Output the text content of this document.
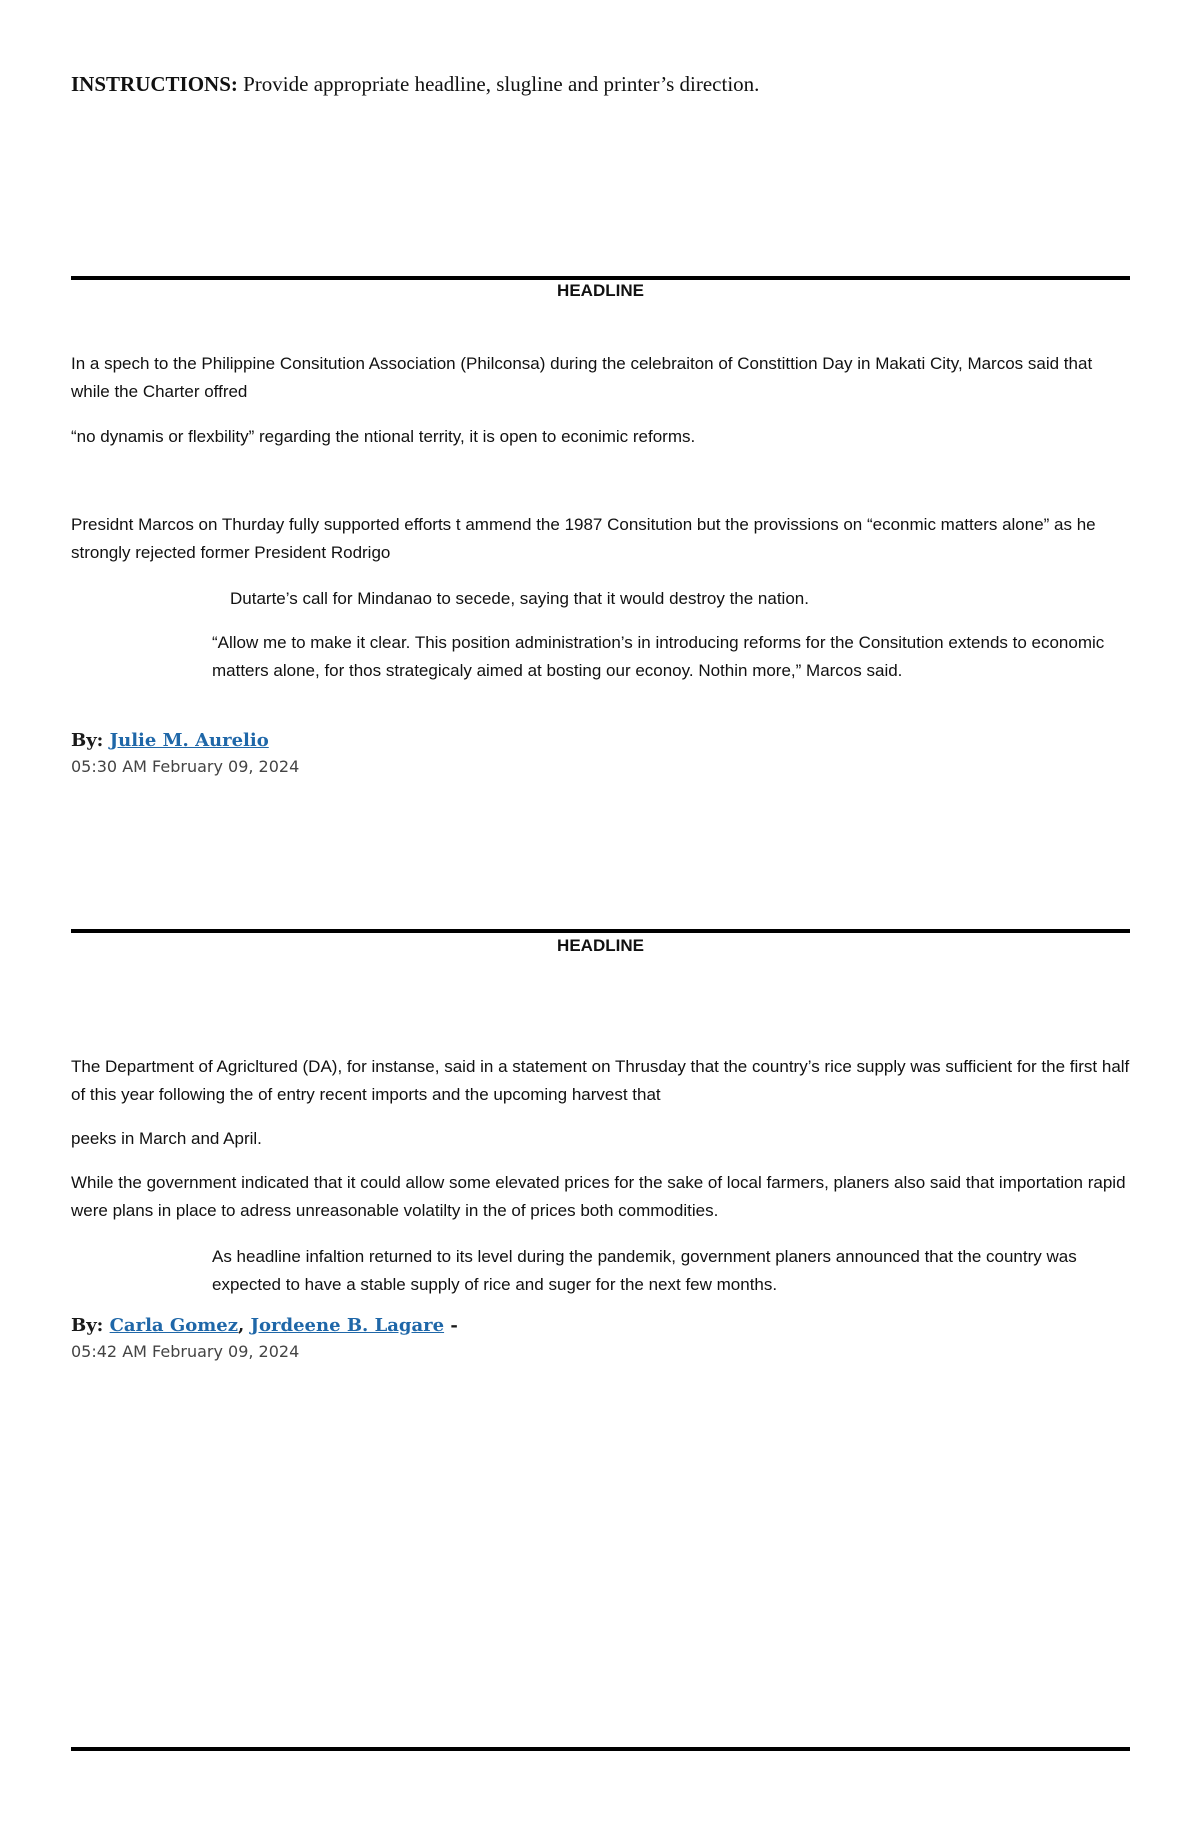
INSTRUCTIONS: Provide appropriate headline, slugline and printer’s direction.
HEADLINE

In a spech to the Philippine Consitution Association (Philconsa) during the celebraiton of Constittion Day in Makati City, Marcos said that while the Charter offred

“no dynamis or flexbility” regarding the ntional territy, it is open to econimic reforms.

Presidnt Marcos on Thurday fully supported efforts t ammend the 1987 Consitution but the provissions on “econmic matters alone” as he strongly rejected former President Rodrigo

Dutarte’s call for Mindanao to secede, saying that it would destroy the nation.

“Allow me to make it clear. This position administration’s in introducing reforms for the Consitution extends to economic matters alone, for thos strategicaly aimed at bosting our econoy. Nothin more,” Marcos said.

By: Julie M. Aurelio
05:30 AM February 09, 2024
HEADLINE

The Department of Agricltured (DA), for instanse, said in a statement on Thrusday that the country’s rice supply was sufficient for the first half of this year following the of entry recent imports and the upcoming harvest that

peeks in March and April.

While the government indicated that it could allow some elevated prices for the sake of local farmers, planers also said that importation rapid were plans in place to adress unreasonable volatilty in the of prices both commodities.

As headline infaltion returned to its level during the pandemik, government planers announced that the country was expected to have a stable supply of rice and suger for the next few months.

By: Carla Gomez, Jordeene B. Lagare -
05:42 AM February 09, 2024
